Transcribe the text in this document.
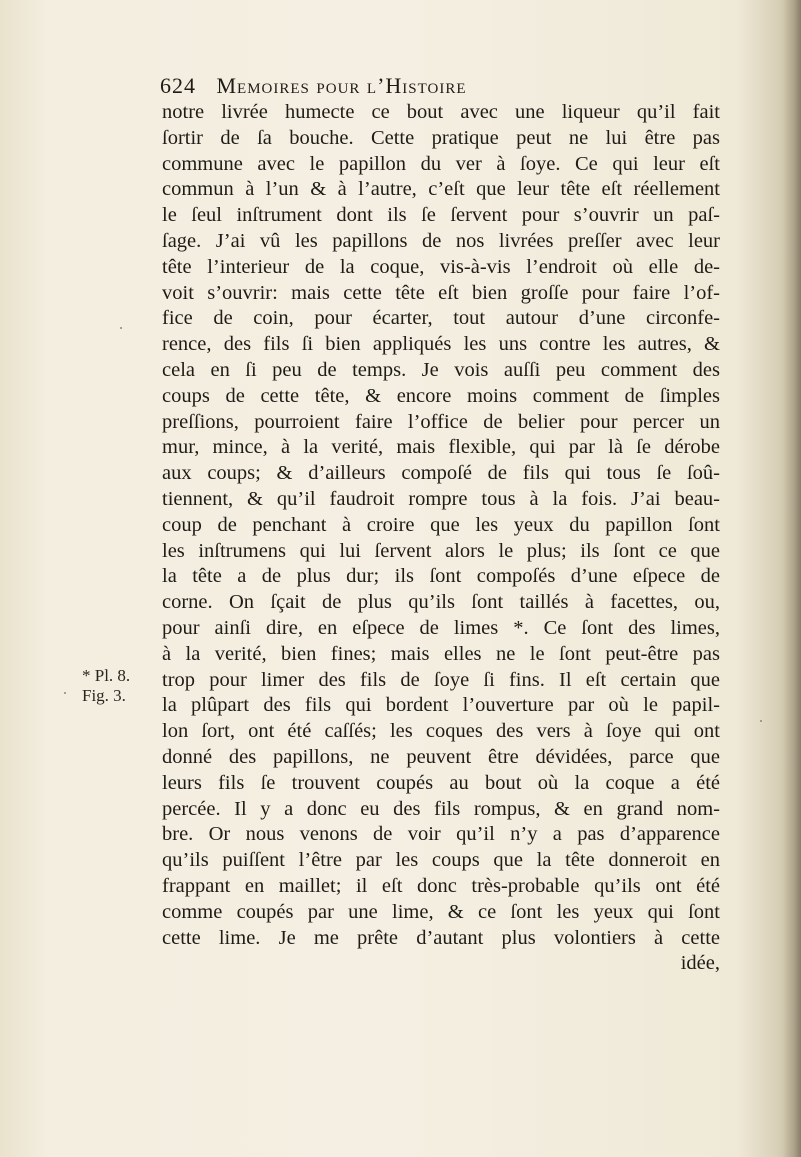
624 Memoires pour l’Histoire
notre livrée humecte ce bout avec une liqueur qu’il fait
ſortir de ſa bouche. Cette pratique peut ne lui être pas
commune avec le papillon du ver à ſoye. Ce qui leur eſt
commun à l’un & à l’autre, c’eſt que leur tête eſt réellement
le ſeul inſtrument dont ils ſe ſervent pour s’ouvrir un paſ-
ſage. J’ai vû les papillons de nos livrées preſſer avec leur
tête l’interieur de la coque, vis-à-vis l’endroit où elle de-
voit s’ouvrir: mais cette tête eſt bien groſſe pour faire l’of-
fice de coin, pour écarter, tout autour d’une circonfe-
rence, des fils ſi bien appliqués les uns contre les autres, &
cela en ſi peu de temps. Je vois auſſi peu comment des
coups de cette tête, & encore moins comment de ſimples
preſſions, pourroient faire l’office de belier pour percer un
mur, mince, à la verité, mais flexible, qui par là ſe dérobe
aux coups; & d’ailleurs compoſé de fils qui tous ſe ſoû-
tiennent, & qu’il faudroit rompre tous à la fois. J’ai beau-
coup de penchant à croire que les yeux du papillon ſont
les inſtrumens qui lui ſervent alors le plus; ils ſont ce que
la tête a de plus dur; ils ſont compoſés d’une eſpece de
corne. On ſçait de plus qu’ils ſont taillés à facettes, ou,
pour ainſi dire, en eſpece de limes *. Ce ſont des limes,
à la verité, bien fines; mais elles ne le ſont peut-être pas
trop pour limer des fils de ſoye ſi fins. Il eſt certain que
la plûpart des fils qui bordent l’ouverture par où le papil-
lon ſort, ont été caſſés; les coques des vers à ſoye qui ont
donné des papillons, ne peuvent être dévidées, parce que
leurs fils ſe trouvent coupés au bout où la coque a été
percée. Il y a donc eu des fils rompus, & en grand nom-
bre. Or nous venons de voir qu’il n’y a pas d’apparence
qu’ils puiſſent l’être par les coups que la tête donneroit en
frappant en maillet; il eſt donc très-probable qu’ils ont été
comme coupés par une lime, & ce ſont les yeux qui ſont
cette lime. Je me prête d’autant plus volontiers à cette
idée,
* Pl. 8.
Fig. 3.
